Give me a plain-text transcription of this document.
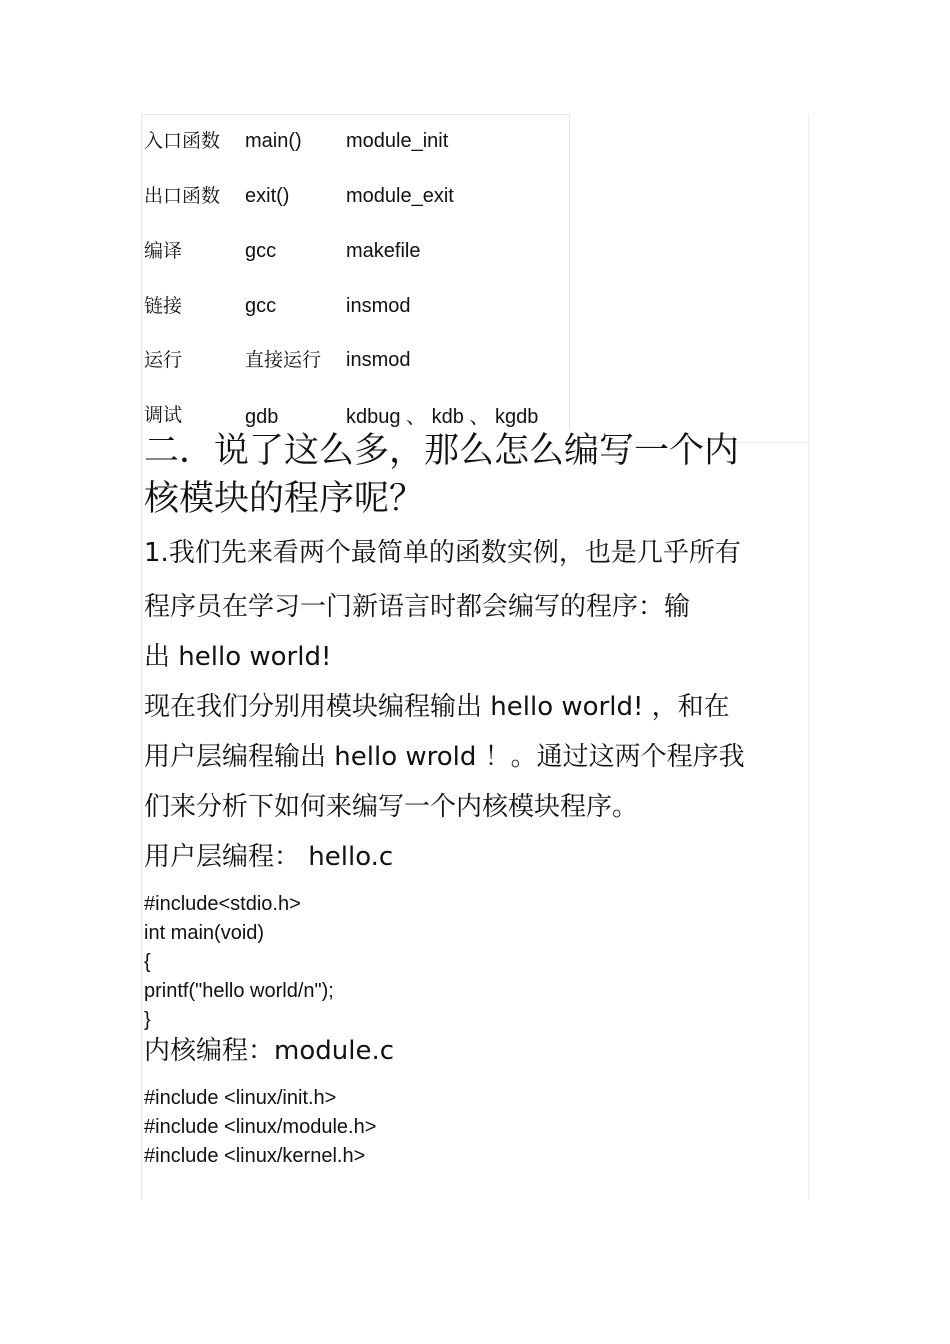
入口函数 main() module_init
出口函数 exit()	module_exit
编译	gcc	makefile
链接	gcc	insmod
运行	直接运行 insmod
调试	gdb	kdbug 、 kdb 、 kgdb
二．说了这么多，那么怎么编写一个内
核模块的程序呢？
1.我们先来看两个最简单的函数实例，也是几乎所有
程序员在学习一门新语言时都会编写的程序：输
出 hello world!
现在我们分别用模块编程输出 hello world! ，和在
用户层编程输出 hello wrold ！。通过这两个程序我
们来分析下如何来编写一个内核模块程序。
用户层编程： hello.c
#include<stdio.h>
int main(void)
{
printf("hello world/n");
}
内核编程：module.c
#include <linux/init.h>
#include <linux/module.h>
#include <linux/kernel.h>
